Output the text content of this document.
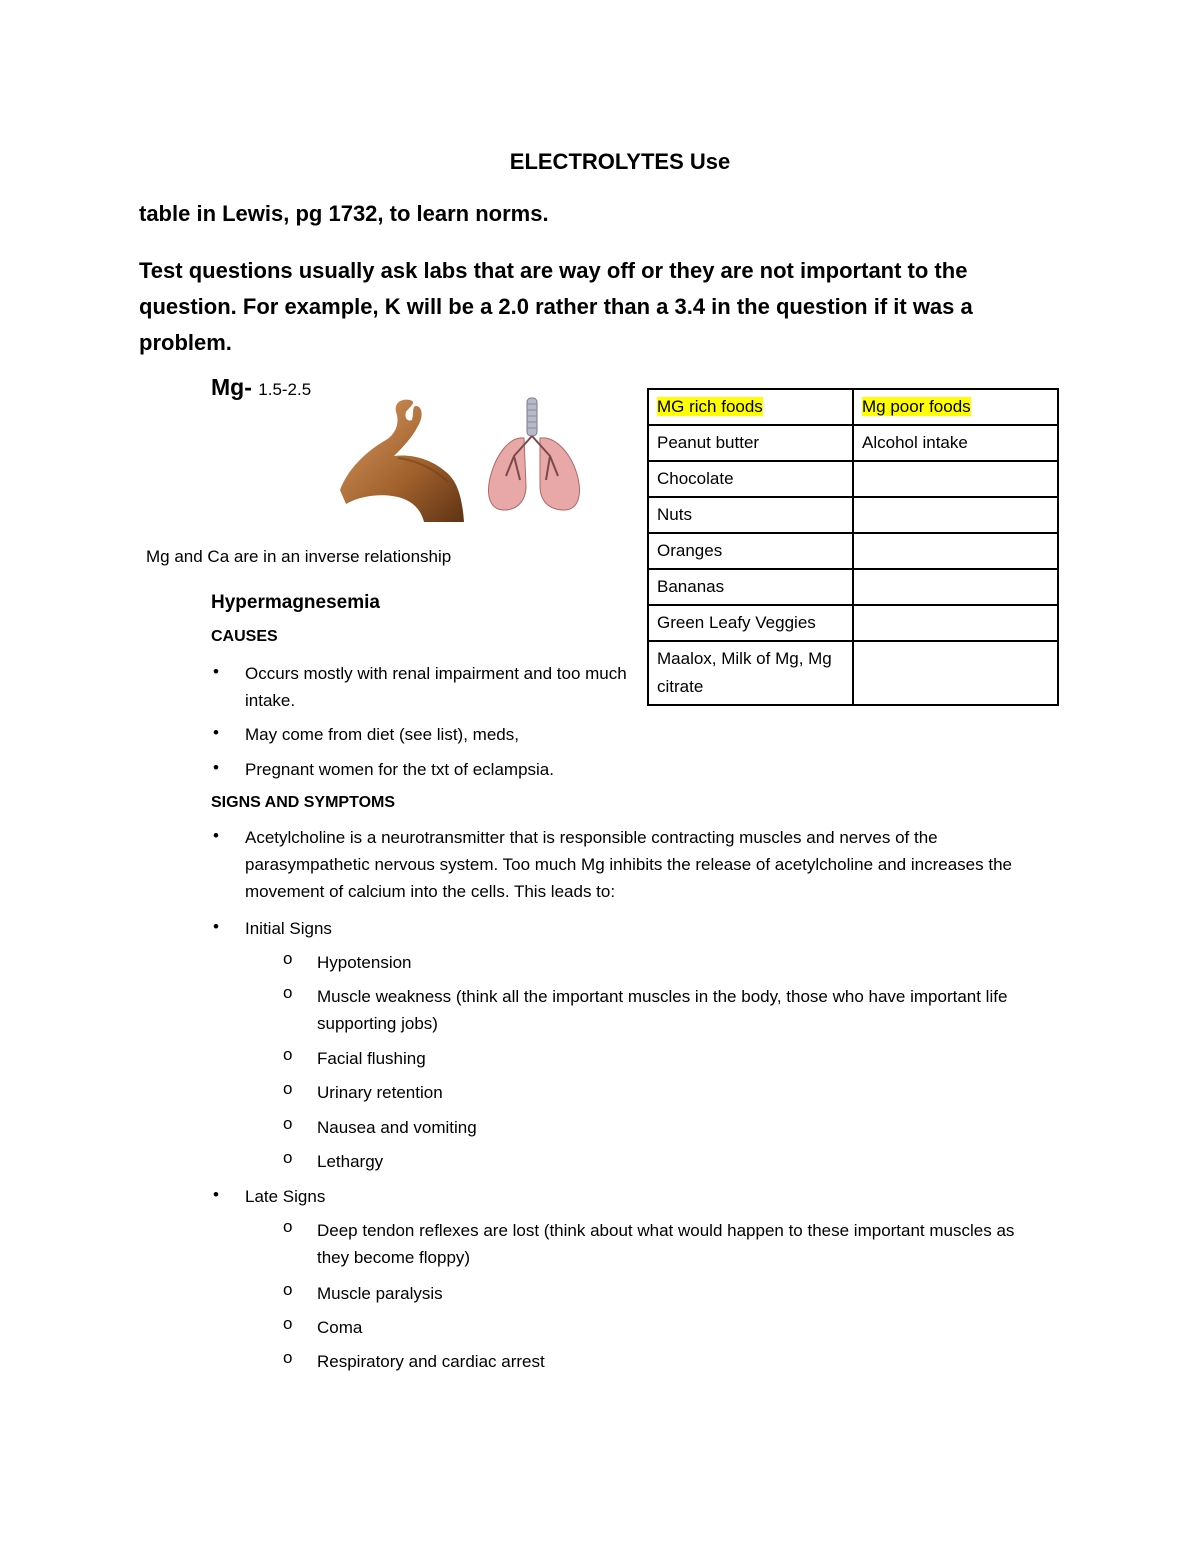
ELECTROLYTES Use
table in Lewis, pg 1732, to learn norms.
Test questions usually ask labs that are way off or they are not important to the question. For example, K will be a 2.0 rather than a 3.4 in the question if it was a problem.
Mg- 1.5-2.5
Mg and Ca are in an inverse relationship
MG rich foods	Mg poor foods
Peanut butter	Alcohol intake
Chocolate	
Nuts	
Oranges	
Bananas	
Green Leafy Veggies	
Maalox, Milk of Mg, Mg citrate	
Hypermagnesemia
CAUSES
• Occurs mostly with renal impairment and too much intake.
• May come from diet (see list), meds,
• Pregnant women for the txt of eclampsia.
SIGNS AND SYMPTOMS
• Acetylcholine is a neurotransmitter that is responsible contracting muscles and nerves of the parasympathetic nervous system. Too much Mg inhibits the release of acetylcholine and increases the movement of calcium into the cells. This leads to:
• Initial Signs
o Hypotension
o Muscle weakness (think all the important muscles in the body, those who have important life supporting jobs)
o Facial flushing
o Urinary retention
o Nausea and vomiting
o Lethargy
• Late Signs
o Deep tendon reflexes are lost (think about what would happen to these important muscles as they become floppy)
o Muscle paralysis
o Coma
o Respiratory and cardiac arrest
